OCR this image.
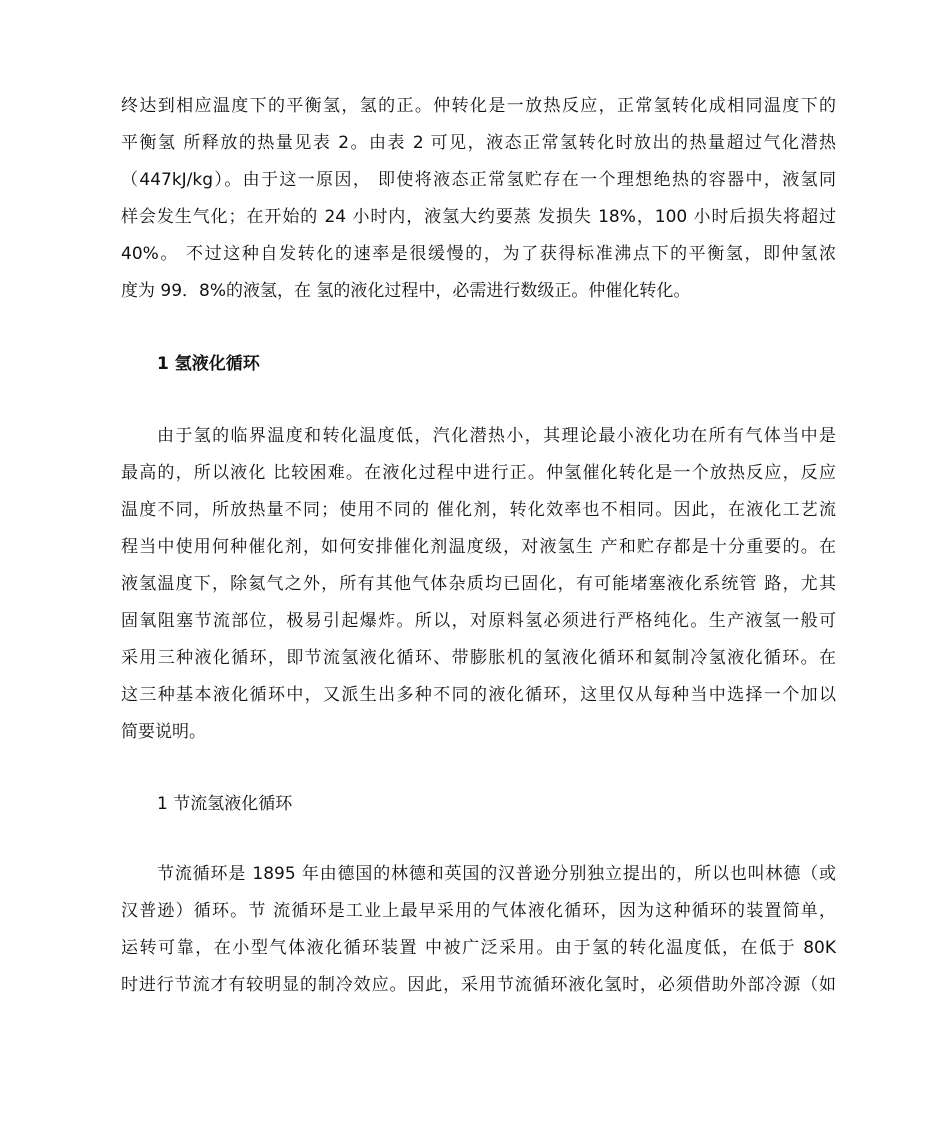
终达到相应温度下的平衡氢，氢的正。仲转化是一放热反应，正常氢转化成相同温度下的
平衡氢 所释放的热量见表 2。由表 2 可见，液态正常氢转化时放出的热量超过气化潜热
（447kJ/kg）。由于这一原因， 即使将液态正常氢贮存在一个理想绝热的容器中，液氢同
样会发生气化；在开始的 24 小时内，液氢大约要蒸 发损失 18%，100 小时后损失将超过
40%。 不过这种自发转化的速率是很缓慢的，为了获得标准沸点下的平衡氢，即仲氢浓
度为 99．8%的液氢，在 氢的液化过程中，必需进行数级正。仲催化转化。
1 氢液化循环
由于氢的临界温度和转化温度低，汽化潜热小，其理论最小液化功在所有气体当中是
最高的，所以液化 比较困难。在液化过程中进行正。仲氢催化转化是一个放热反应，反应
温度不同，所放热量不同；使用不同的 催化剂，转化效率也不相同。因此，在液化工艺流
程当中使用何种催化剂，如何安排催化剂温度级，对液氢生 产和贮存都是十分重要的。在
液氢温度下，除氦气之外，所有其他气体杂质均已固化，有可能堵塞液化系统管 路，尤其
固氧阻塞节流部位，极易引起爆炸。所以，对原料氢必须进行严格纯化。生产液氢一般可
采用三种液化循环，即节流氢液化循环、带膨胀机的氢液化循环和氦制冷氢液化循环。在
这三种基本液化循环中，又派生出多种不同的液化循环，这里仅从每种当中选择一个加以
简要说明。
1 节流氢液化循环
节流循环是 1895 年由德国的林德和英国的汉普逊分别独立提出的，所以也叫林德（或
汉普逊）循环。节 流循环是工业上最早采用的气体液化循环，因为这种循环的装置简单，
运转可靠，在小型气体液化循环装置 中被广泛采用。由于氢的转化温度低，在低于 80K
时进行节流才有较明显的制冷效应。因此，采用节流循环液化氢时，必须借助外部冷源（如
